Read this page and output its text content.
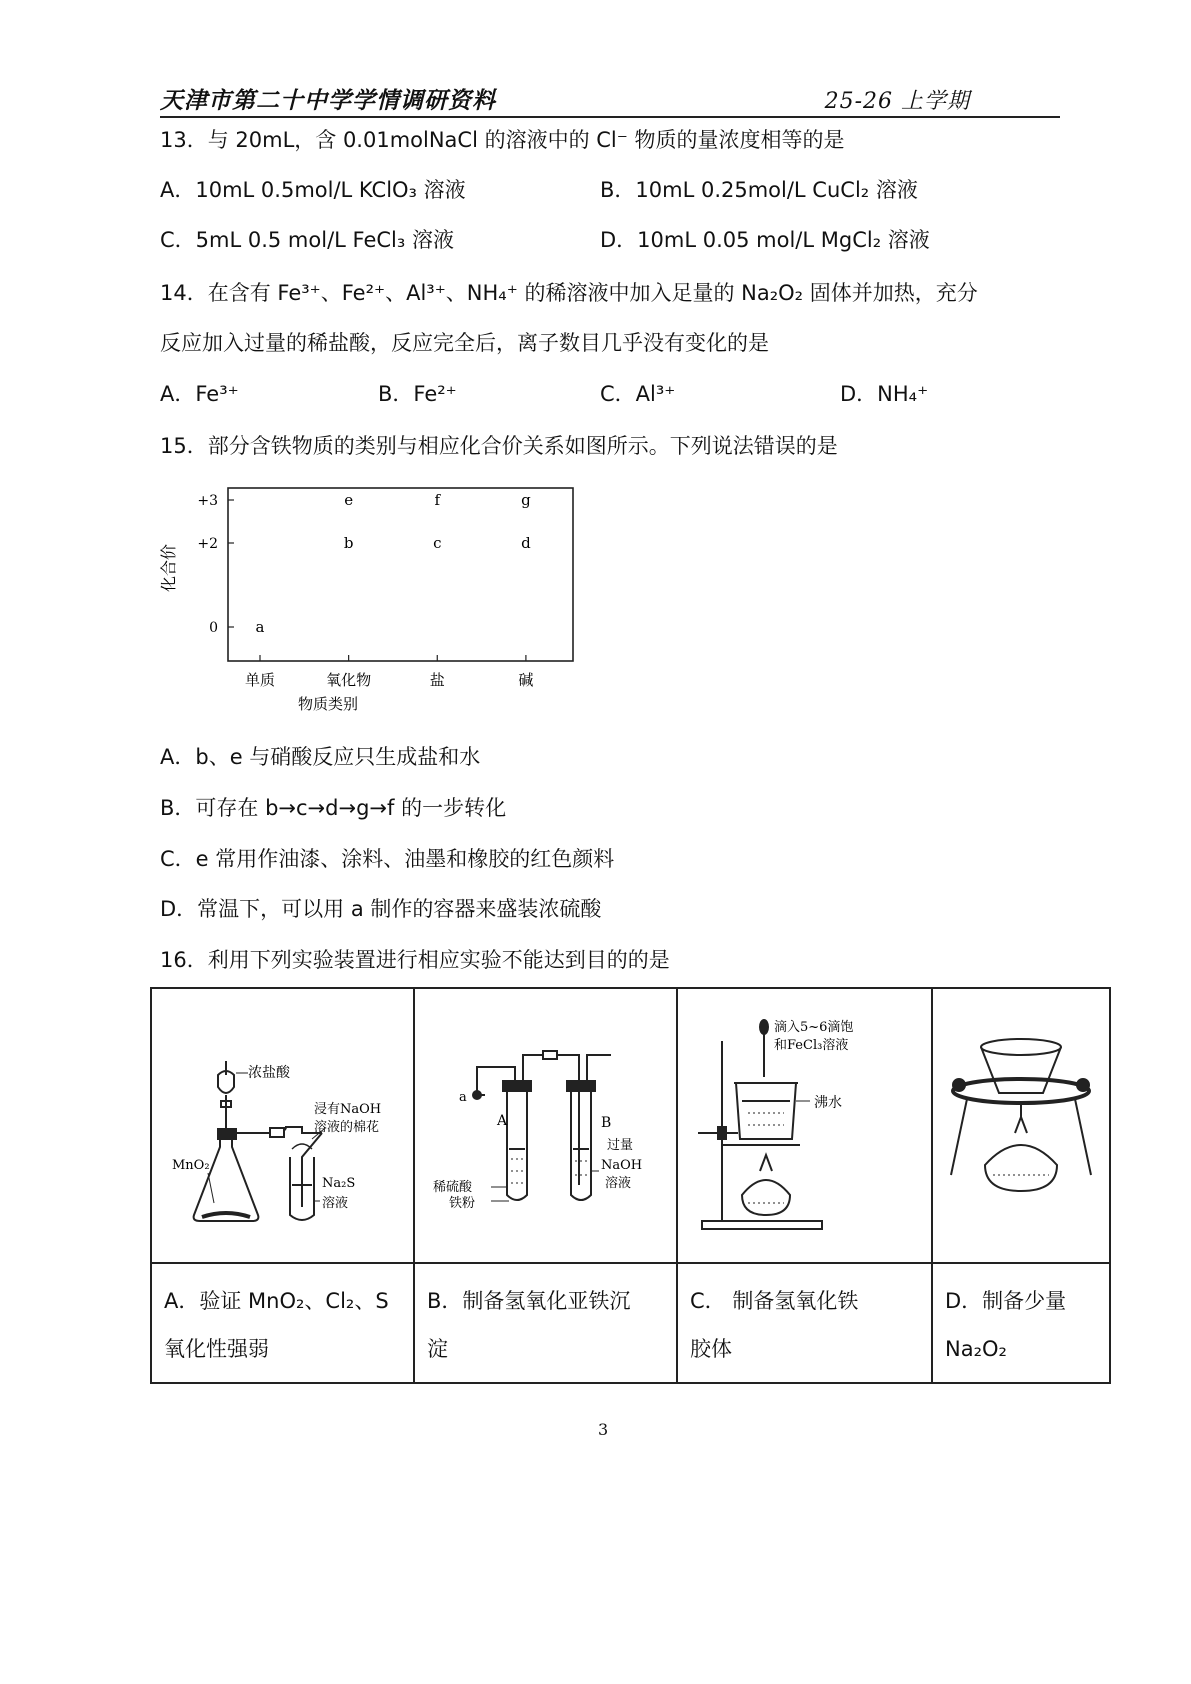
天津市第二十中学学情调研资料	25-26 上学期
13．与 20mL，含 0.01molNaCl 的溶液中的 Cl⁻ 物质的量浓度相等的是
A．10mL 0.5mol/L KClO₃ 溶液	B．10mL 0.25mol/L CuCl₂ 溶液
C．5mL 0.5 mol/L FeCl₃ 溶液	D．10mL 0.05 mol/L MgCl₂ 溶液
14．在含有 Fe³⁺、Fe²⁺、Al³⁺、NH₄⁺ 的稀溶液中加入足量的 Na₂O₂ 固体并加热，充分
反应加入过量的稀盐酸，反应完全后，离子数目几乎没有变化的是
A．Fe³⁺	B．Fe²⁺	C．Al³⁺	D．NH₄⁺
15．部分含铁物质的类别与相应化合价关系如图所示。下列说法错误的是
+3
+2
0
化合价
单质	氧化物	盐	碱
物质类别
a
b
e
c
f
d
g
A．b、e 与硝酸反应只生成盐和水
B．可存在 b→c→d→g→f 的一步转化
C．e 常用作油漆、涂料、油墨和橡胶的红色颜料
D．常温下，可以用 a 制作的容器来盛装浓硫酸
16．利用下列实验装置进行相应实验不能达到目的的是
浓盐酸
浸有NaOH
溶液的棉花
MnO₂
Na₂S
溶液
A．验证 MnO₂、Cl₂、S
氧化性强弱
a
A	B
过量
NaOH
溶液
稀硫酸
铁粉
B．制备氢氧化亚铁沉
淀
滴入5~6滴饱
和FeCl₃溶液
沸水
C． 制备氢氧化铁
胶体
D．制备少量
Na₂O₂
3
